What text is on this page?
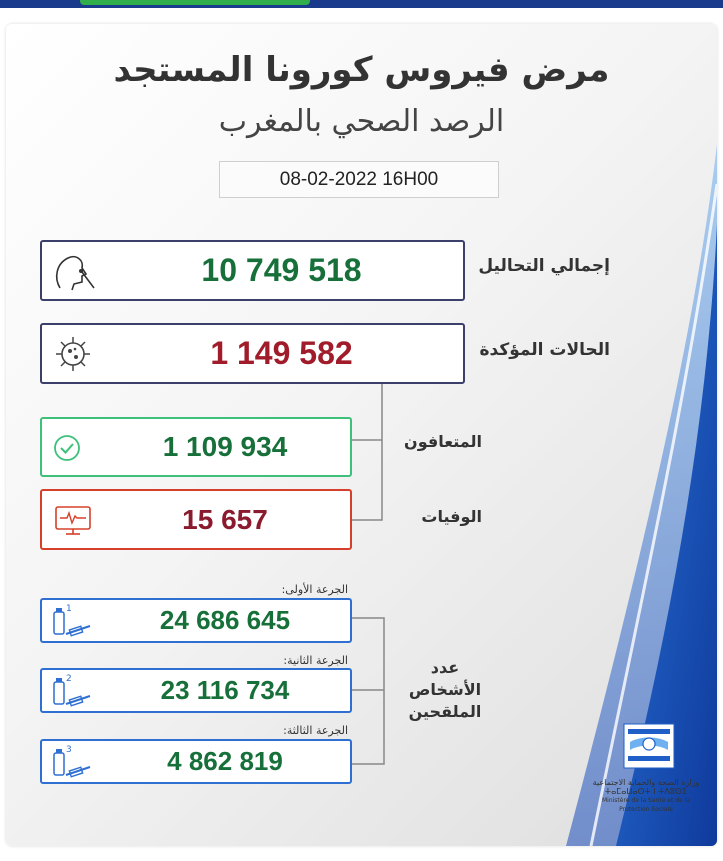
مرض فيروس كورونا المستجد
الرصد الصحي بالمغرب
08-02-2022 16H00
10 749 518	إجمالي التحاليل
1 149 582	الحالات المؤكدة
1 109 934	المتعافون
15 657	الوفيات
الجرعة الأولى:
1	24 686 645
الجرعة الثانية:
2	23 116 734
الجرعة الثالثة:
3	4 862 819
عدد
الأشخاص
الملقحين
وزارة الصحة والحماية الاجتماعية
ⵜⴰⵎⴰⵡⴰⵙⵜ ⵏ ⵜⴷⵓⵙⵉ
Ministère de la Santé et de la Protection Sociale
